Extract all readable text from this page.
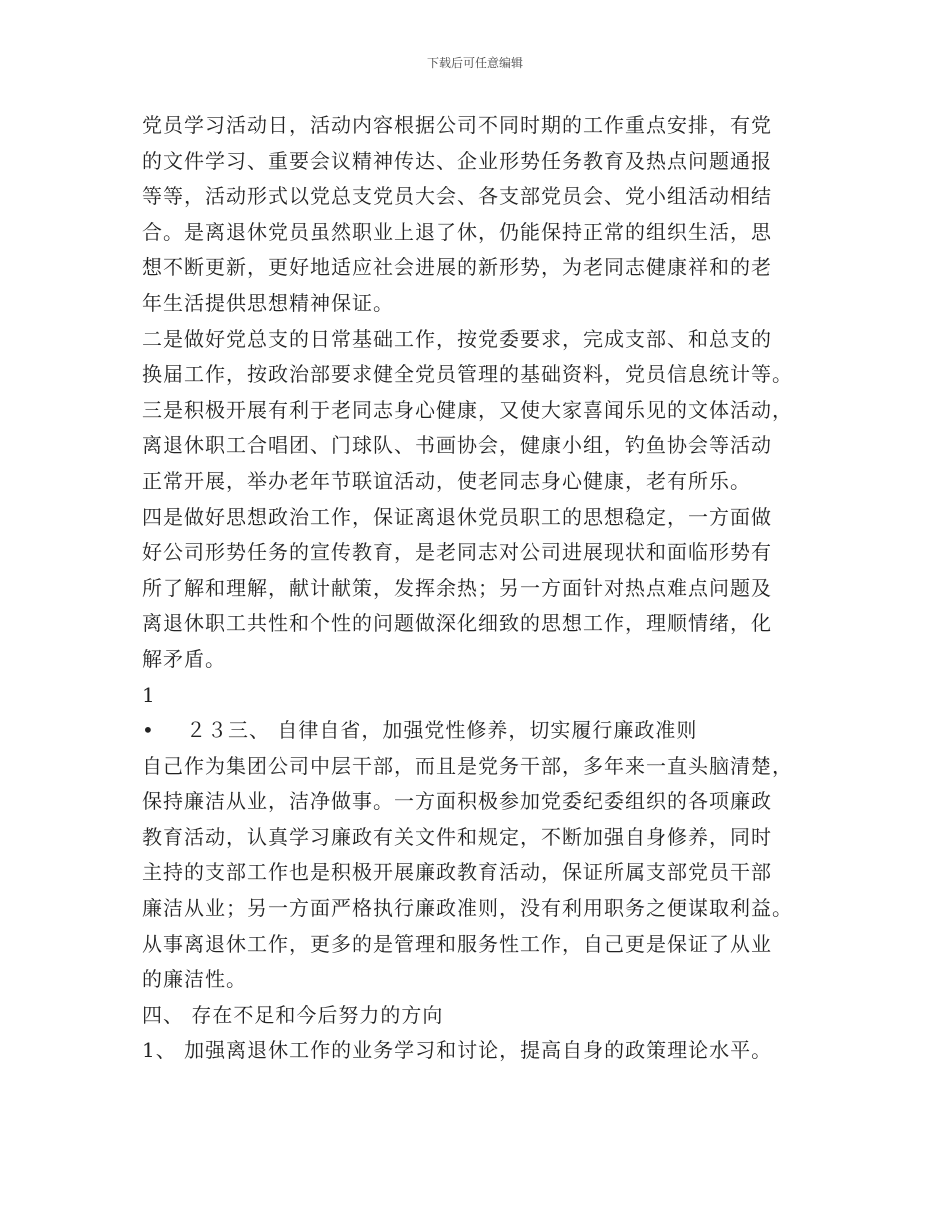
下载后可任意编辑

党员学习活动日，活动内容根据公司不同时期的工作重点安排，有党

的文件学习、重要会议精神传达、企业形势任务教育及热点问题通报

等等，活动形式以党总支党员大会、各支部党员会、党小组活动相结

合。是离退休党员虽然职业上退了休，仍能保持正常的组织生活，思

想不断更新，更好地适应社会进展的新形势，为老同志健康祥和的老

年生活提供思想精神保证。

二是做好党总支的日常基础工作，按党委要求，完成支部、和总支的

换届工作，按政治部要求健全党员管理的基础资料，党员信息统计等。

三是积极开展有利于老同志身心健康，又使大家喜闻乐见的文体活动，

离退休职工合唱团、门球队、书画协会，健康小组，钓鱼协会等活动

正常开展，举办老年节联谊活动，使老同志身心健康，老有所乐。

四是做好思想政治工作，保证离退休党员职工的思想稳定，一方面做

好公司形势任务的宣传教育，是老同志对公司进展现状和面临形势有

所了解和理解，献计献策，发挥余热；另一方面针对热点难点问题及

离退休职工共性和个性的问题做深化细致的思想工作，理顺情绪，化

解矛盾。

1

• ２３三、 自律自省，加强党性修养，切实履行廉政准则

自己作为集团公司中层干部，而且是党务干部，多年来一直头脑清楚，

保持廉洁从业，洁净做事。一方面积极参加党委纪委组织的各项廉政

教育活动，认真学习廉政有关文件和规定，不断加强自身修养，同时

主持的支部工作也是积极开展廉政教育活动，保证所属支部党员干部

廉洁从业；另一方面严格执行廉政准则，没有利用职务之便谋取利益。

从事离退休工作，更多的是管理和服务性工作，自己更是保证了从业

的廉洁性。

四、 存在不足和今后努力的方向

1、 加强离退休工作的业务学习和讨论，提高自身的政策理论水平。
